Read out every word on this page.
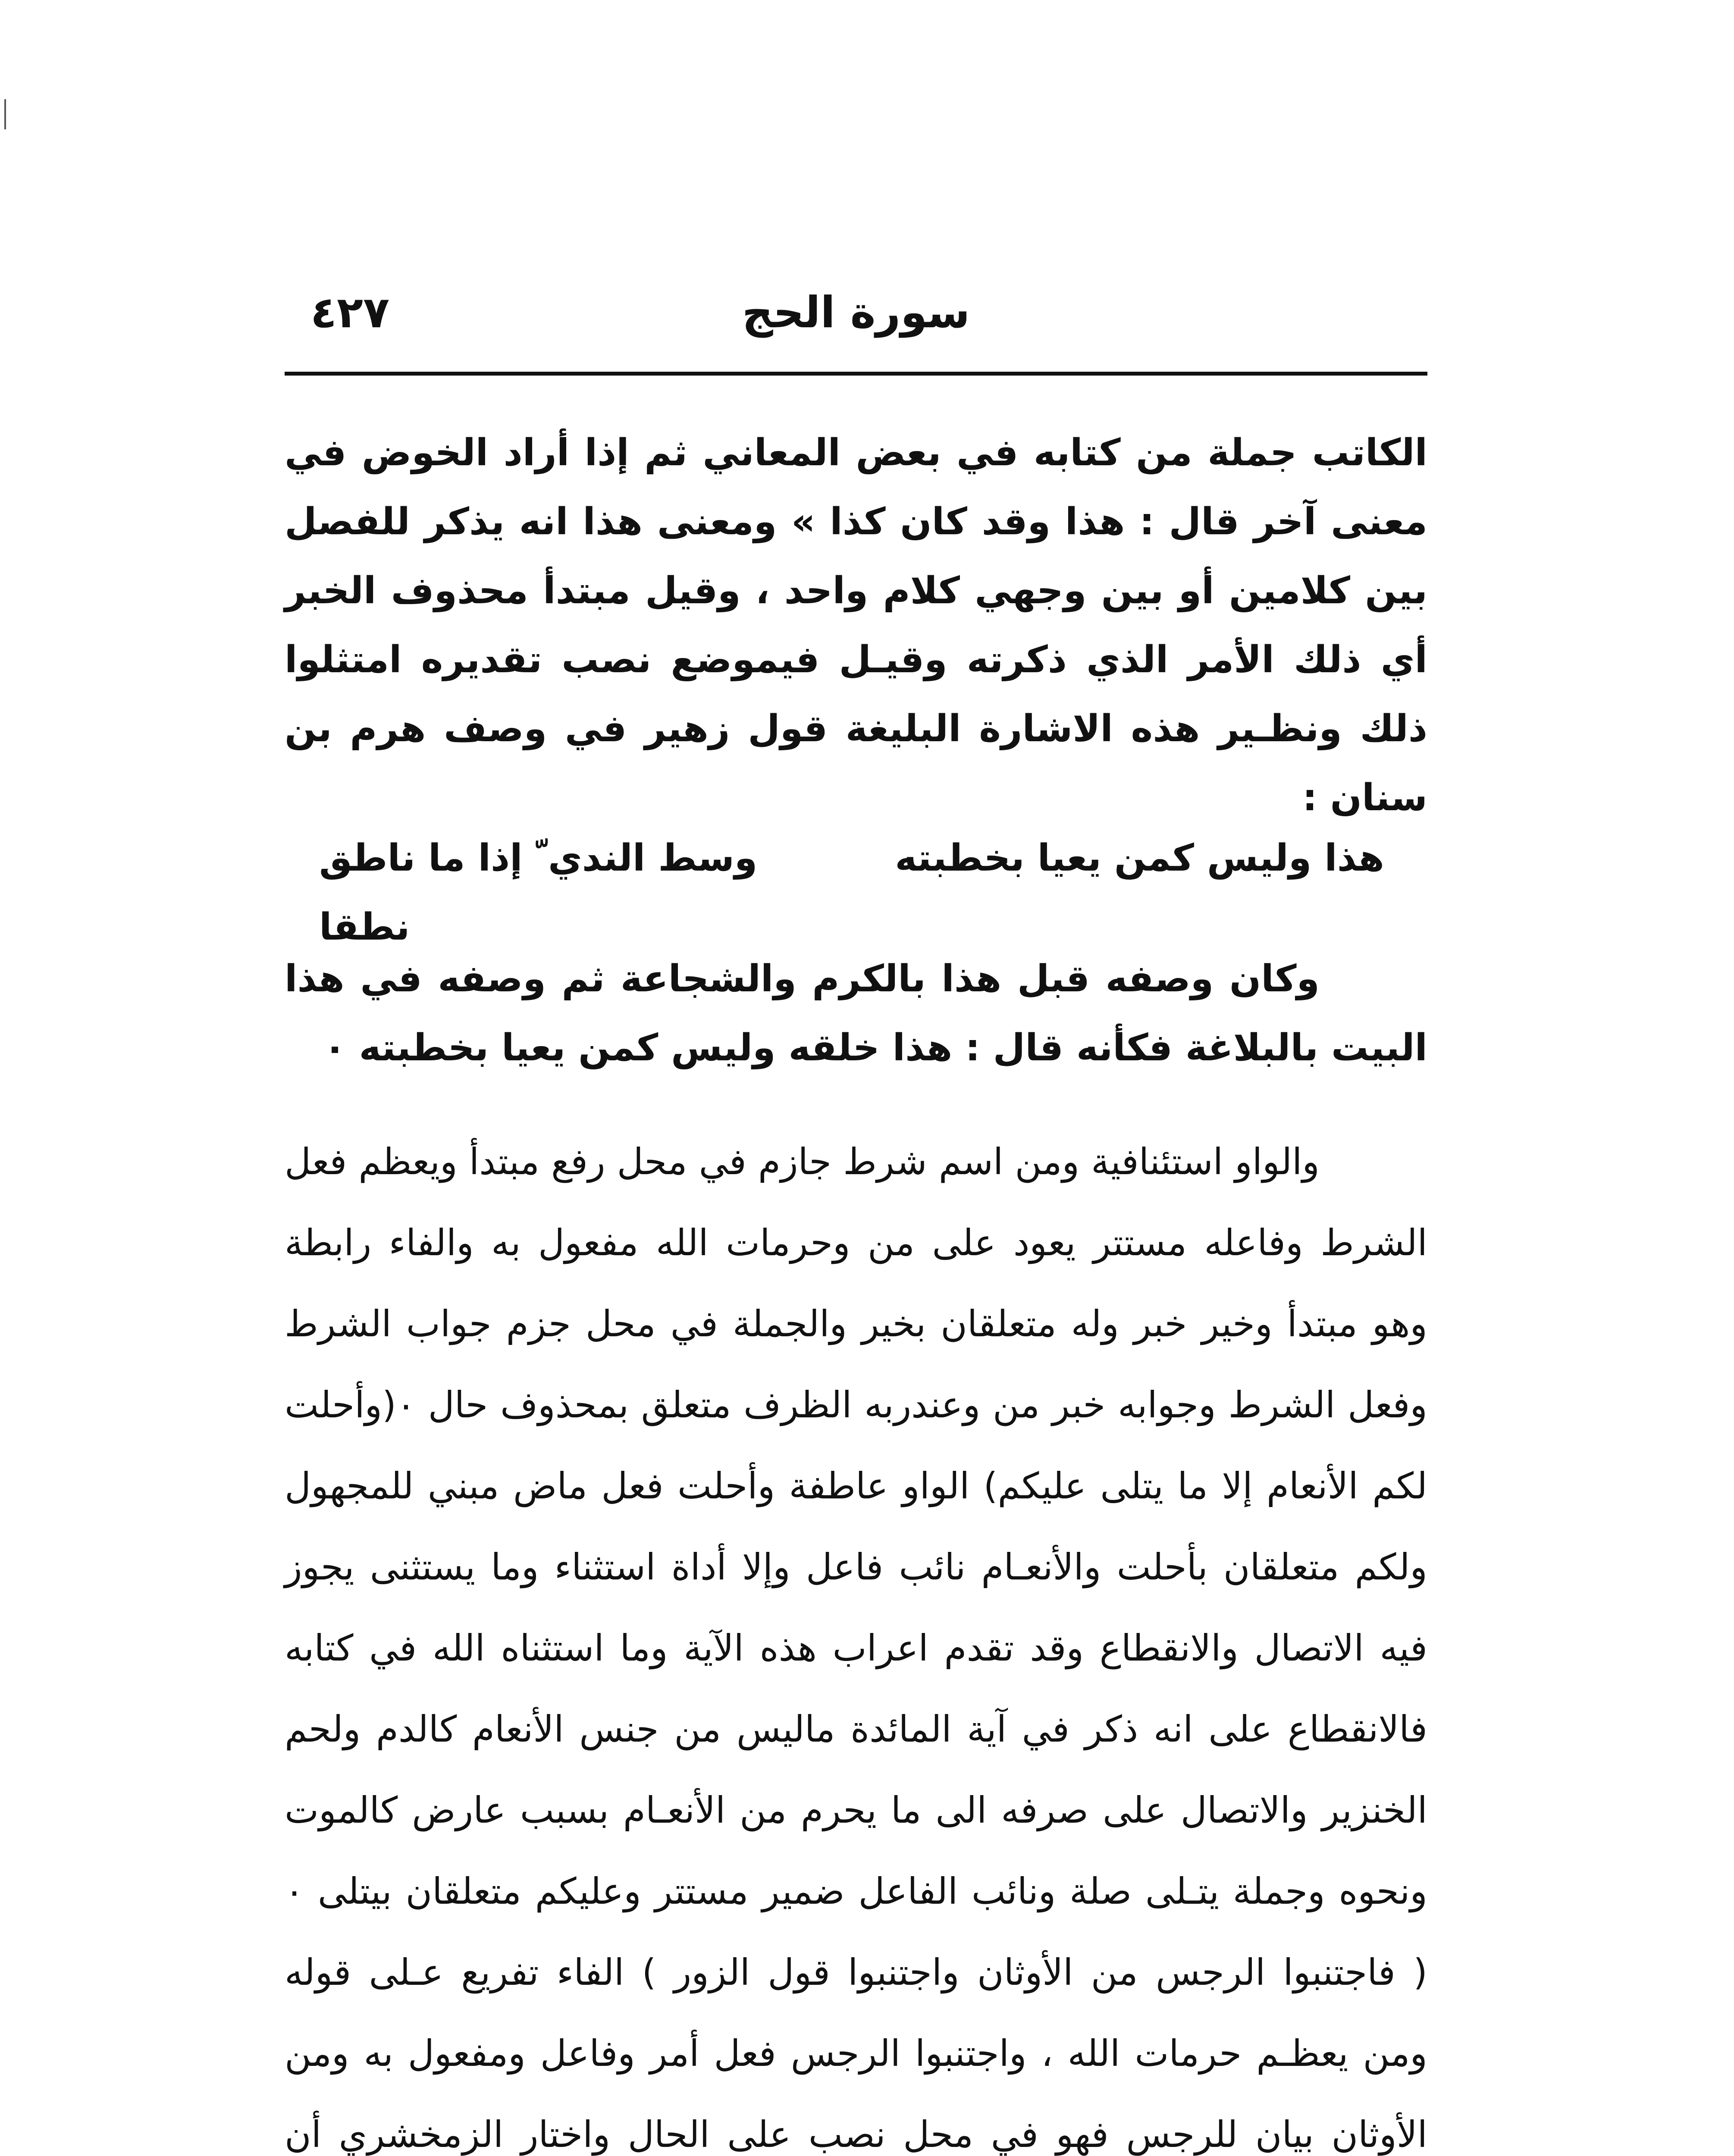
سورة الحج
٤٢٧

الكاتب جملة من كتابه في بعض المعاني ثم إذا أراد الخوض في معنى آخر قال : هذا وقد كان كذا » ومعنى هذا انه يذكر للفصل بين كلامين أو بين وجهي كلام واحد ، وقيل مبتدأ محذوف الخبر أي ذلك الأمر الذي ذكرته وقيـل فيموضع نصب تقديره امتثلوا ذلك ونظـير هذه الاشارة البليغة قول زهير في وصف هرم بن سنان :

هذا وليس كمن يعيا بخطبته
وسط الندي ّ إذا ما ناطق نطقا

وكان وصفه قبل هذا بالكرم والشجاعة ثم وصفه في هذا البيت بالبلاغة فكأنه قال : هذا خلقه وليس كمن يعيا بخطبته ٠

والواو استئنافية ومن اسم شرط جازم في محل رفع مبتدأ ويعظم فعل الشرط وفاعله مستتر يعود على من وحرمات الله مفعول به والفاء رابطة وهو مبتدأ وخير خبر وله متعلقان بخير والجملة في محل جزم جواب الشرط وفعل الشرط وجوابه خبر من وعندربه الظرف متعلق بمحذوف حال ٠(وأحلت لكم الأنعام إلا ما يتلى عليكم) الواو عاطفة وأحلت فعل ماض مبني للمجهول ولكم متعلقان بأحلت والأنعـام نائب فاعل وإلا أداة استثناء وما يستثنى يجوز فيه الاتصال والانقطاع وقد تقدم اعراب هذه الآية وما استثناه الله في كتابه فالانقطاع على انه ذكر في آية المائدة ماليس من جنس الأنعام كالدم ولحم الخنزير والاتصال على صرفه الى ما يحرم من الأنعـام بسبب عارض كالموت ونحوه وجملة يتـلى صلة ونائب الفاعل ضمير مستتر وعليكم متعلقان بيتلى ٠ ( فاجتنبوا الرجس من الأوثان واجتنبوا قول الزور ) الفاء تفريع عـلى قوله ومن يعظـم حرمات الله ، واجتنبوا الرجس فعل أمر وفاعل ومفعول به ومن الأوثان بيان للرجس فهو في محل نصب على الحال واختار الزمخشري أن
